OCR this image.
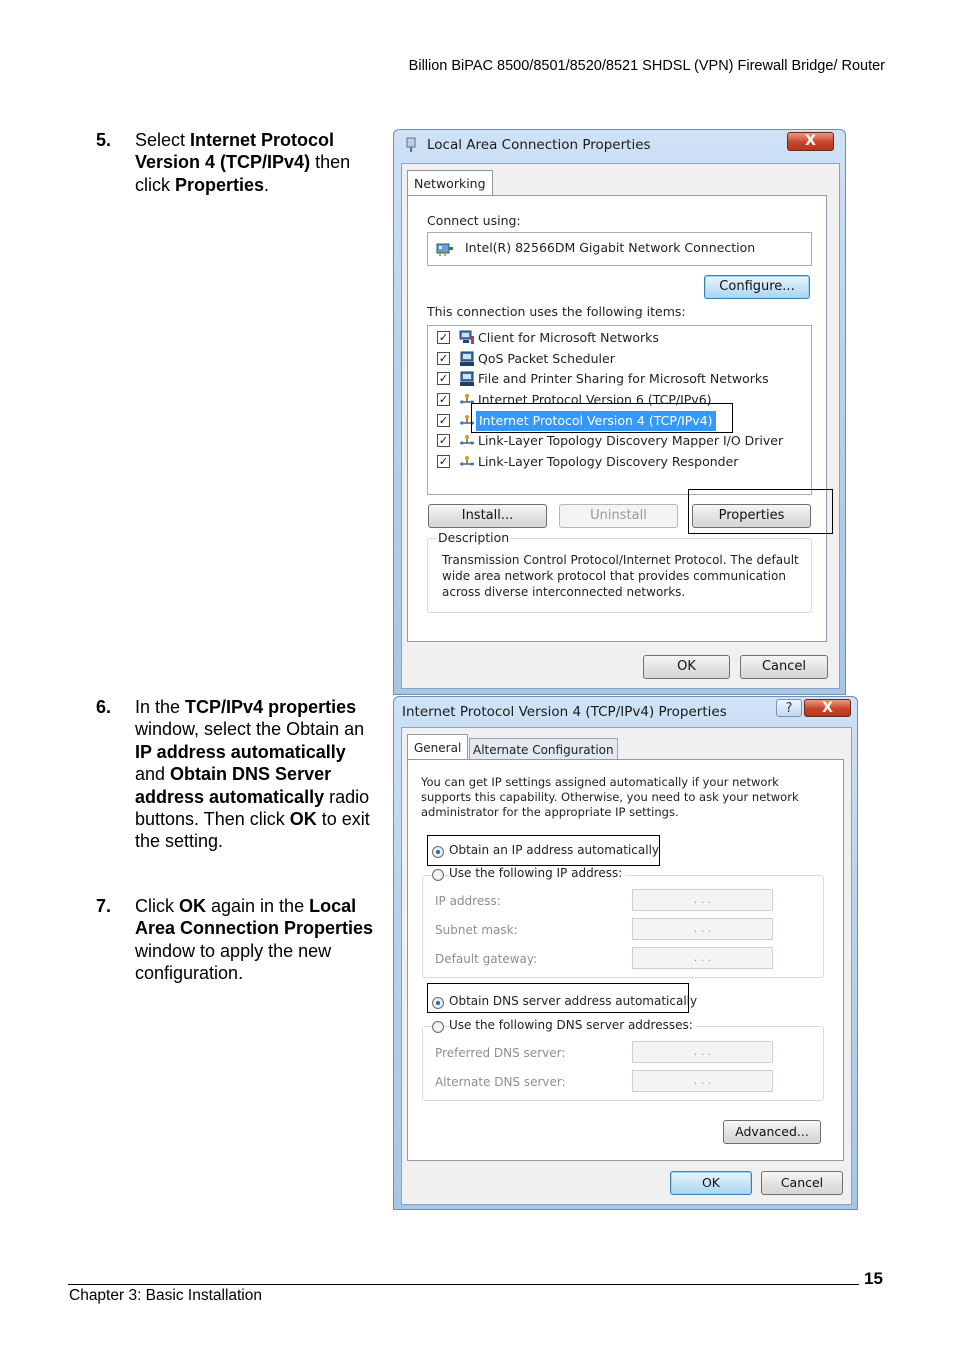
Billion BiPAC 8500/8501/8520/8521 SHDSL (VPN) Firewall Bridge/ Router
5. Select Internet Protocol Version 4 (TCP/IPv4) then click Properties.
6. In the TCP/IPv4 properties window, select the Obtain an IP address automatically and Obtain DNS Server address automatically radio buttons. Then click OK to exit the setting.
7. Click OK again in the Local Area Connection Properties window to apply the new configuration.
Local Area Connection Properties	X
Networking
Connect using:
Intel(R) 82566DM Gigabit Network Connection
Configure...
This connection uses the following items:
✓ Client for Microsoft Networks
✓ QoS Packet Scheduler
✓ File and Printer Sharing for Microsoft Networks
✓ Internet Protocol Version 6 (TCP/IPv6)
✓ Internet Protocol Version 4 (TCP/IPv4)
✓ Link-Layer Topology Discovery Mapper I/O Driver
✓ Link-Layer Topology Discovery Responder
Install...	Uninstall	Properties
Description
Transmission Control Protocol/Internet Protocol. The default wide area network protocol that provides communication across diverse interconnected networks.
OK	Cancel
Internet Protocol Version 4 (TCP/IPv4) Properties	?	X
General Alternate Configuration
You can get IP settings assigned automatically if your network supports this capability. Otherwise, you need to ask your network administrator for the appropriate IP settings.
Obtain an IP address automatically
Use the following IP address:
IP address:	. . .
Subnet mask:	. . .
Default gateway:	. . .
Obtain DNS server address automatically
Use the following DNS server addresses:
Preferred DNS server:	. . .
Alternate DNS server:	. . .
Advanced...
OK	Cancel
Chapter 3: Basic Installation
15
